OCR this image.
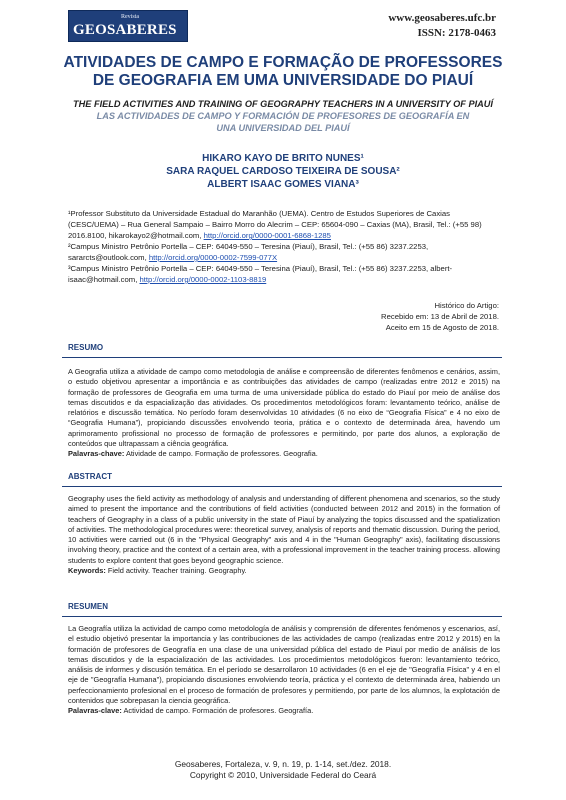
Revista
GEOSABERES
www.geosaberes.ufc.br
ISSN: 2178-0463
ATIVIDADES DE CAMPO E FORMAÇÃO DE PROFESSORES DE GEOGRAFIA EM UMA UNIVERSIDADE DO PIAUÍ
THE FIELD ACTIVITIES AND TRAINING OF GEOGRAPHY TEACHERS IN A UNIVERSITY OF PIAUÍ
LAS ACTIVIDADES DE CAMPO Y FORMACIÓN DE PROFESORES DE GEOGRAFÍA EN UNA UNIVERSIDAD DEL PIAUÍ
HIKARO KAYO DE BRITO NUNES¹
SARA RAQUEL CARDOSO TEIXEIRA DE SOUSA²
ALBERT ISAAC GOMES VIANA³

¹Professor Substituto da Universidade Estadual do Maranhão (UEMA). Centro de Estudos Superiores de Caxias (CESC/UEMA) – Rua General Sampaio – Bairro Morro do Alecrim – CEP: 65604-090 – Caxias (MA), Brasil, Tel.: (+55 98) 2016.8100, hikarokayo2@hotmail.com, http://orcid.org/0000-0001-6868-1285

²Campus Ministro Petrônio Portella – CEP: 64049-550 – Teresina (Piauí), Brasil, Tel.: (+55 86) 3237.2253, sararcts@outlook.com, http://orcid.org/0000-0002-7599-077X

³Campus Ministro Petrônio Portella – CEP: 64049-550 – Teresina (Piauí), Brasil, Tel.: (+55 86) 3237.2253, albert-isaac@hotmail.com, http://orcid.org/0000-0002-1103-8819

Histórico do Artigo:
Recebido em: 13 de Abril de 2018.
Aceito em 15 de Agosto de 2018.
RESUMO
A Geografia utiliza a atividade de campo como metodologia de análise e compreensão de diferentes fenômenos e cenários, assim, o estudo objetivou apresentar a importância e as contribuições das atividades de campo (realizadas entre 2012 e 2015) na formação de professores de Geografia em uma turma de uma universidade pública do estado do Piauí por meio de análise dos temas discutidos e da espacialização das atividades. Os procedimentos metodológicos foram: levantamento teórico, análise de relatórios e discussão temática. No período foram desenvolvidas 10 atividades (6 no eixo de “Geografia Física” e 4 no eixo de “Geografia Humana”), propiciando discussões envolvendo teoria, prática e o contexto de determinada área, havendo um aprimoramento profissional no processo de formação de professores e permitindo, por parte dos alunos, a exploração de conteúdos que ultrapassam a ciência geográfica.
Palavras-chave: Atividade de campo. Formação de professores. Geografia.
ABSTRACT
Geography uses the field activity as methodology of analysis and understanding of different phenomena and scenarios, so the study aimed to present the importance and the contributions of field activities (conducted between 2012 and 2015) in the formation of teachers of Geography in a class of a public university in the state of Piauí by analyzing the topics discussed and the spatialization of activities. The methodological procedures were: theoretical survey, analysis of reports and thematic discussion. During the period, 10 activities were carried out (6 in the "Physical Geography" axis and 4 in the "Human Geography" axis), facilitating discussions involving theory, practice and the context of a certain area, with a professional improvement in the teacher training process. allowing students to explore content that goes beyond geographic science.
Keywords: Field activity. Teacher training. Geography.
RESUMEN
La Geografía utiliza la actividad de campo como metodología de análisis y comprensión de diferentes fenómenos y escenarios, así, el estudio objetivó presentar la importancia y las contribuciones de las actividades de campo (realizadas entre 2012 y 2015) en la formación de profesores de Geografía en una clase de una universidad pública del estado de Piauí por medio de análisis de los temas discutidos y de la espacialización de las actividades. Los procedimientos metodológicos fueron: levantamiento teórico, análisis de informes y discusión temática. En el período se desarrollaron 10 actividades (6 en el eje de "Geografía Física" y 4 en el eje de "Geografía Humana"), propiciando discusiones envolviendo teoría, práctica y el contexto de determinada área, habiendo un perfeccionamiento profesional en el proceso de formación de profesores y permitiendo, por parte de los alumnos, la explotación de contenidos que sobrepasan la ciencia geográfica.
Palavras-clave: Actividad de campo. Formación de profesores. Geografía.
Geosaberes, Fortaleza, v. 9, n. 19, p. 1-14, set./dez. 2018.
Copyright © 2010, Universidade Federal do Ceará
